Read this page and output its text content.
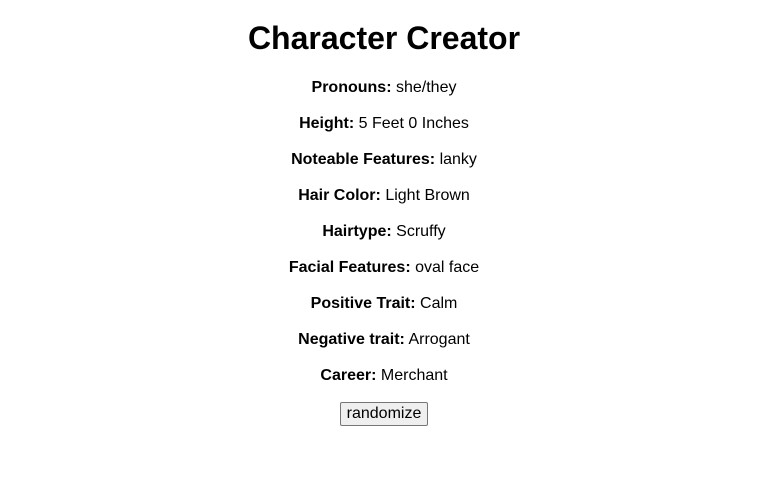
Character Creator
Pronouns: she/they
Height: 5 Feet 0 Inches
Noteable Features: lanky
Hair Color: Light Brown
Hairtype: Scruffy
Facial Features: oval face
Positive Trait: Calm
Negative trait: Arrogant
Career: Merchant
randomize
